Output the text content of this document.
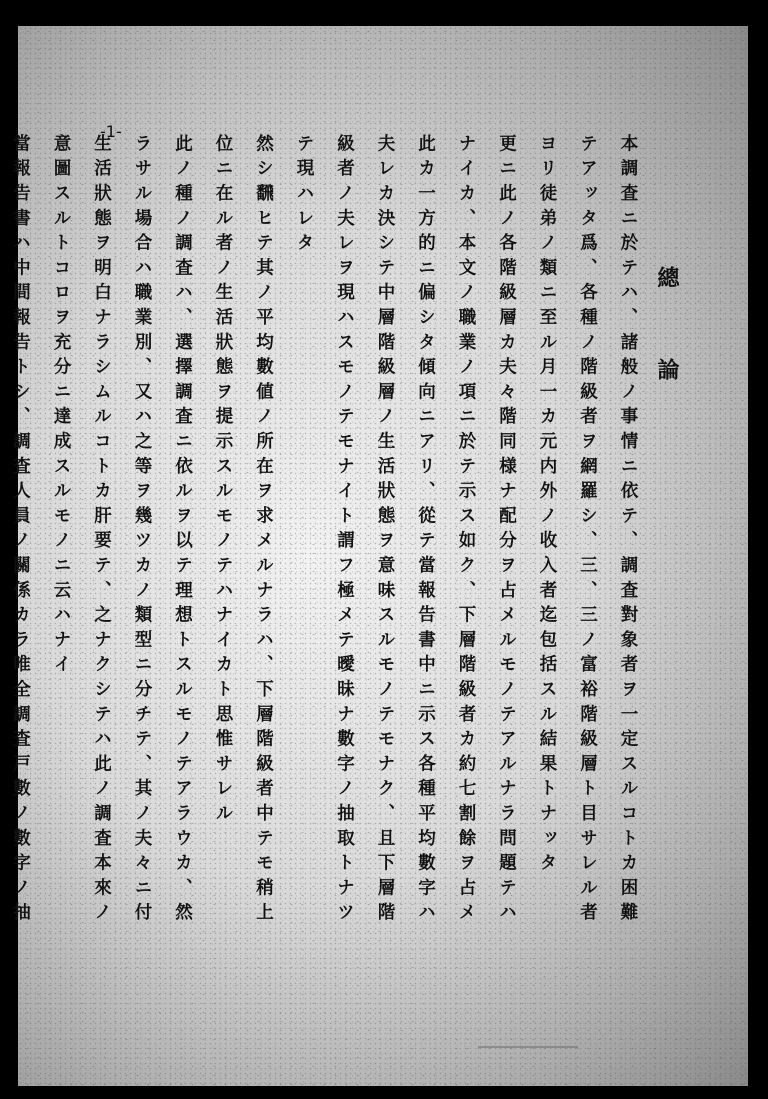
-1-
總論
本調査ニ於テハ、諸般ノ事情ニ依テ、調査對象者ヲ一定スルコトカ困難
テアッタ爲、各種ノ階級者ヲ網羅シ、三、三ノ富裕階級層ト目サレル者
ヨリ徒弟ノ類ニ至ル月一カ元内外ノ收入者迄包括スル結果トナッタ
更ニ此ノ各階級層カ夫々階同様ナ配分ヲ占メルモノテアルナラ問題テハ
ナイカ、本文ノ職業ノ項ニ於テ示ス如ク、下層階級者カ約七割餘ヲ占メ
此カ一方的ニ偏シタ傾向ニアリ、從テ當報告書中ニ示ス各種平均數字ハ
夫レカ決シテ中層階級層ノ生活狀態ヲ意味スルモノテモナク、且下層階
級者ノ夫レヲ現ハスモノテモナイト謂フ極メテ曖昧ナ數字ノ抽取トナツ
テ現ハレタ
然シ飜ヒテ其ノ平均數値ノ所在ヲ求メルナラハ、下層階級者中テモ稍上
位ニ在ル者ノ生活狀態ヲ提示スルモノテハナイカト思惟サレル
此ノ種ノ調査ハ、選擇調査ニ依ルヲ以テ理想トスルモノテアラウカ、然
ラサル場合ハ職業別、又ハ之等ヲ幾ツカノ類型ニ分チテ、其ノ夫々ニ付
生活狀態ヲ明白ナラシムルコトカ肝要テ、之ナクシテハ此ノ調査本來ノ
意圖スルトコロヲ充分ニ達成スルモノニ云ハナイ
當報告書ハ中間報告トシ、調査人員ノ關係カラ唯全調査戸數ノ數字ノ抽
